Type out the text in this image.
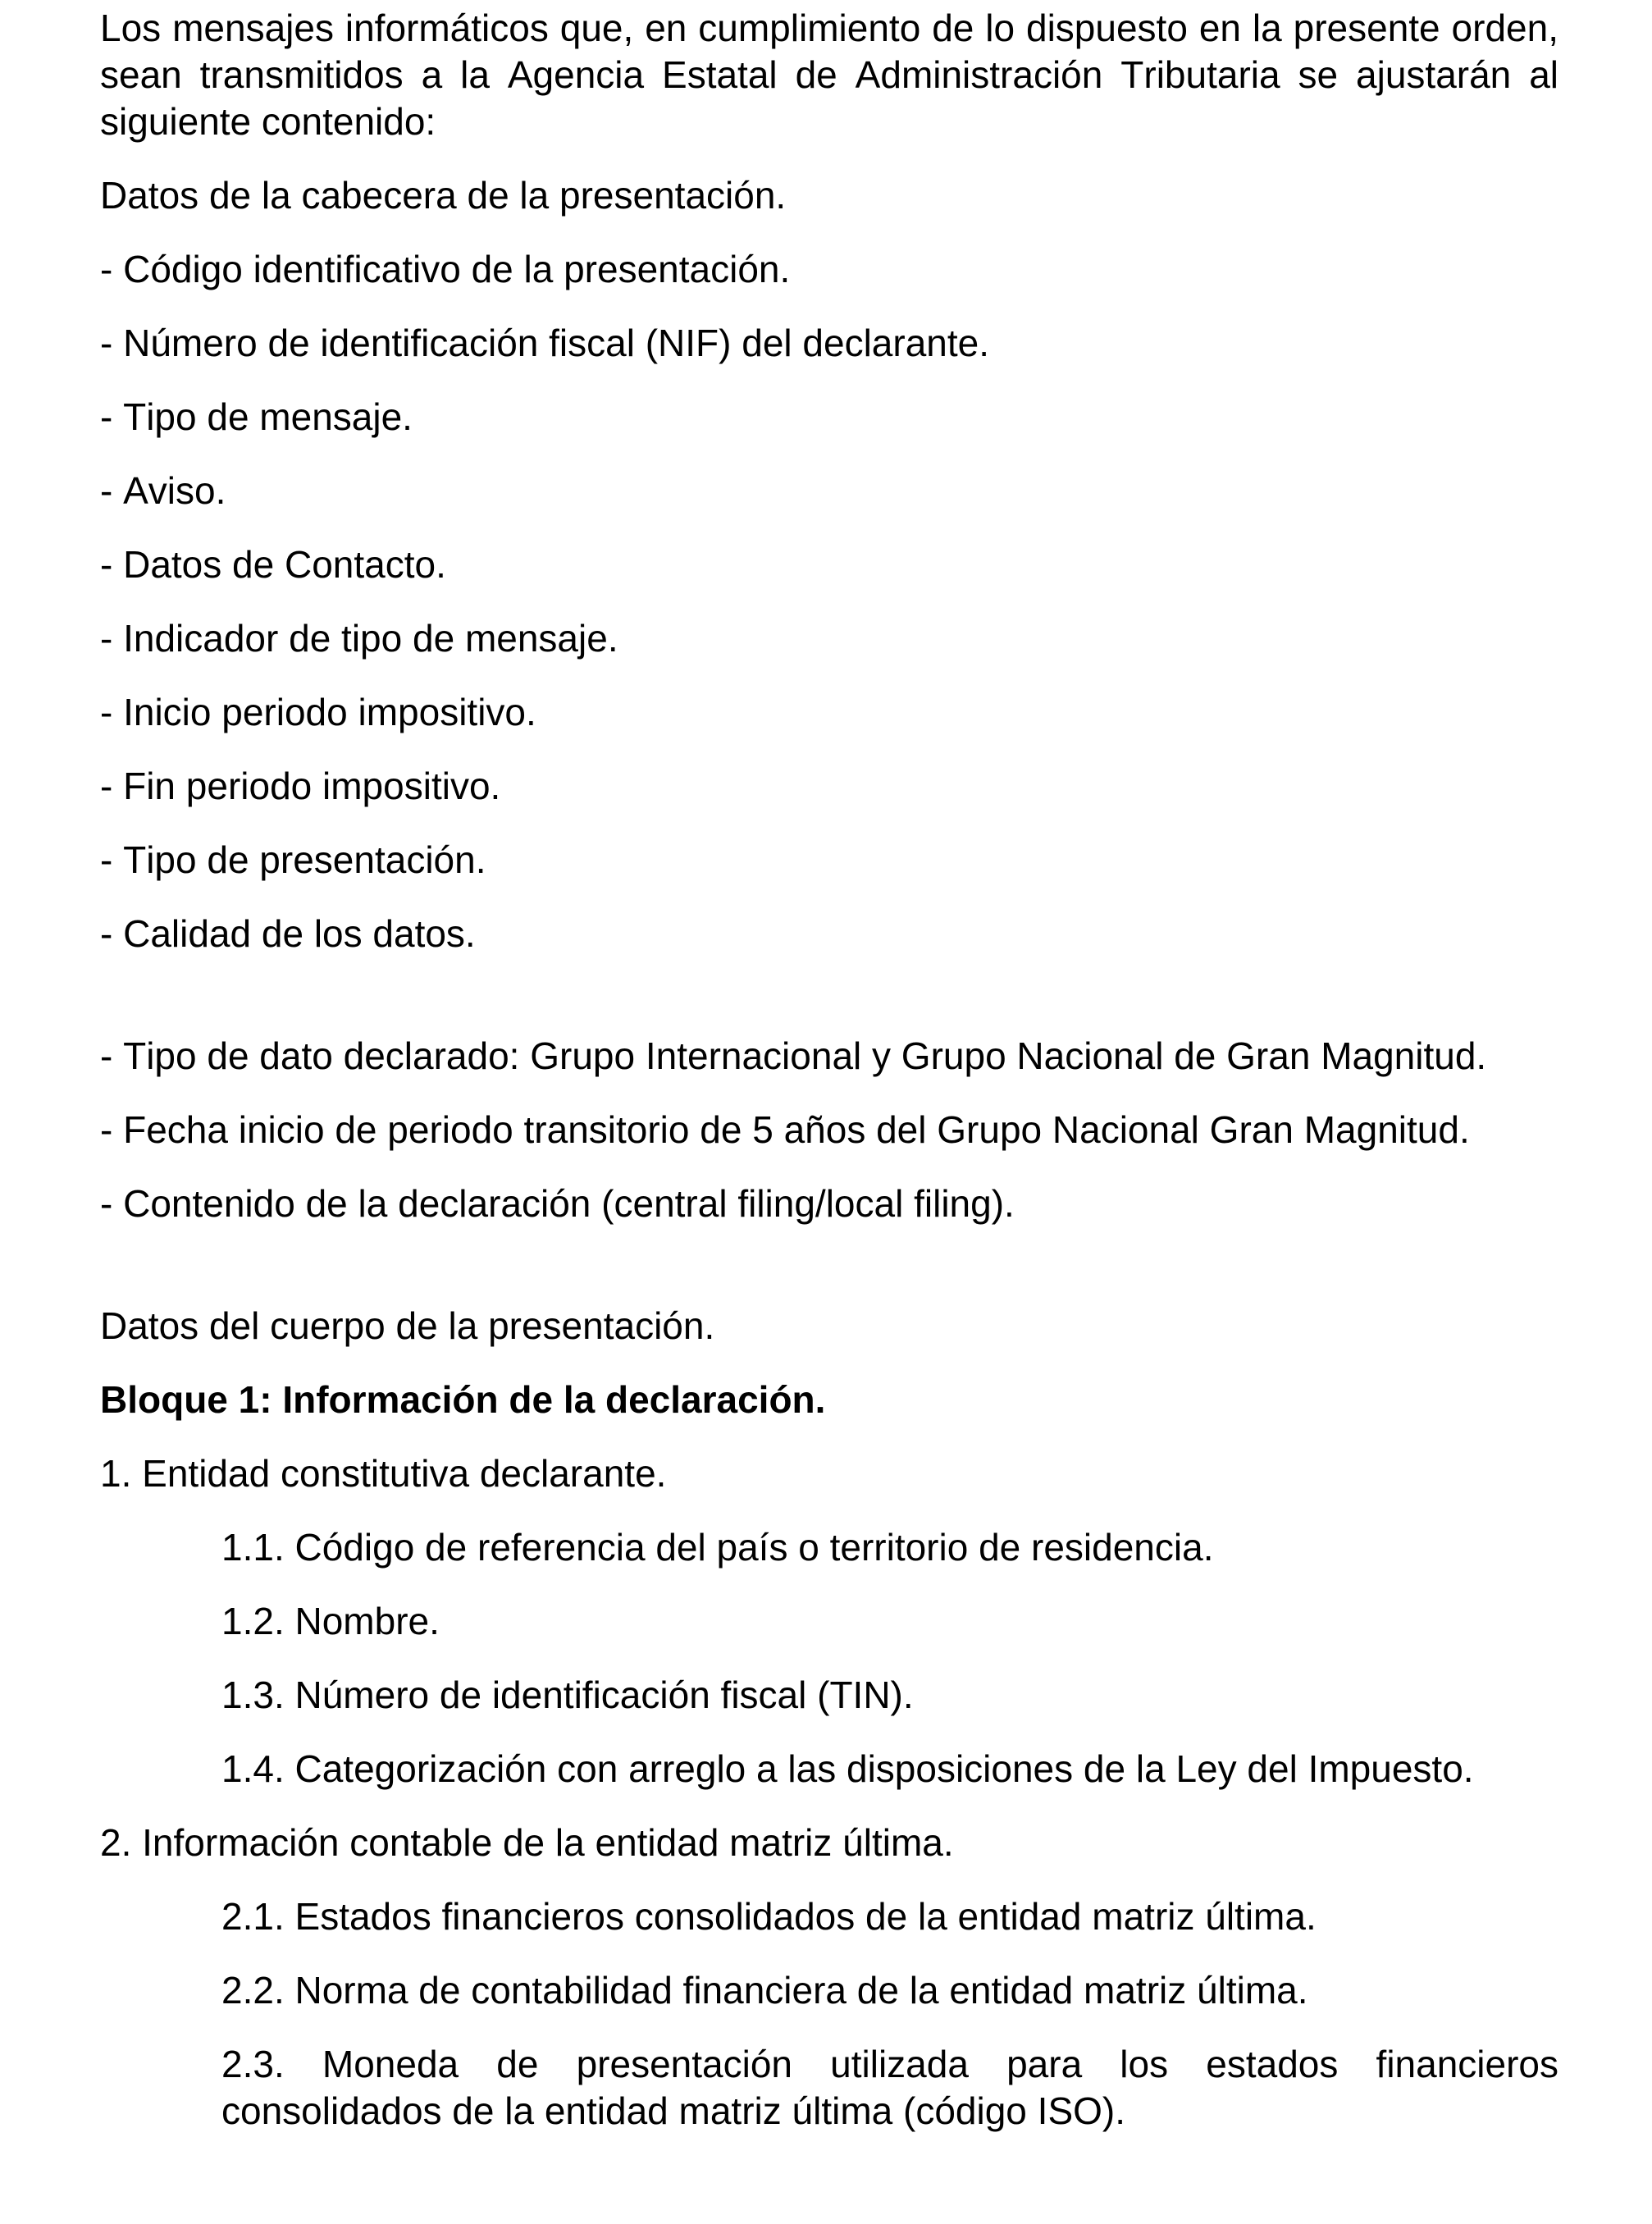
Los mensajes informáticos que, en cumplimiento de lo dispuesto en la presente orden, sean transmitidos a la Agencia Estatal de Administración Tributaria se ajustarán al siguiente contenido:

Datos de la cabecera de la presentación.

- Código identificativo de la presentación.

- Número de identificación fiscal (NIF) del declarante.

- Tipo de mensaje.

- Aviso.

- Datos de Contacto.

- Indicador de tipo de mensaje.

- Inicio periodo impositivo.

- Fin periodo impositivo.

- Tipo de presentación.

- Calidad de los datos.

- Tipo de dato declarado: Grupo Internacional y Grupo Nacional de Gran Magnitud.

- Fecha inicio de periodo transitorio de 5 años del Grupo Nacional Gran Magnitud.

- Contenido de la declaración (central filing/local filing).

Datos del cuerpo de la presentación.

Bloque 1: Información de la declaración.

1. Entidad constitutiva declarante.

1.1. Código de referencia del país o territorio de residencia.

1.2. Nombre.

1.3. Número de identificación fiscal (TIN).

1.4. Categorización con arreglo a las disposiciones de la Ley del Impuesto.

2. Información contable de la entidad matriz última.

2.1. Estados financieros consolidados de la entidad matriz última.

2.2. Norma de contabilidad financiera de la entidad matriz última.

2.3. Moneda de presentación utilizada para los estados financieros consolidados de la entidad matriz última (código ISO).
